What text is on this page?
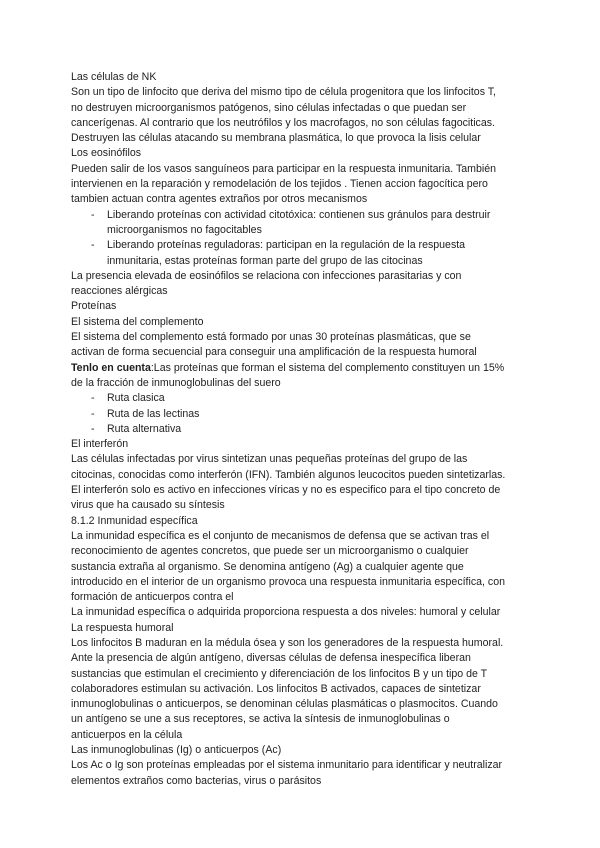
Las células de NK
Son un tipo de linfocito que deriva del mismo tipo de célula progenitora que los linfocitos T,
no destruyen microorganismos patógenos, sino células infectadas o que puedan ser
cancerígenas. Al contrario que los neutrófilos y los macrofagos, no son células fagociticas.
Destruyen las células atacando su membrana plasmática, lo que provoca la lisis celular
Los eosinófilos
Pueden salir de los vasos sanguíneos para participar en la respuesta inmunitaria. También
intervienen en la reparación y remodelación de los tejidos . Tienen accion fagocítica pero
tambien actuan contra agentes extraños por otros mecanismos
- Liberando proteínas con actividad citotóxica: contienen sus gránulos para destruir
microorganismos no fagocitables
- Liberando proteínas reguladoras: participan en la regulación de la respuesta
inmunitaria, estas proteínas forman parte del grupo de las citocinas
La presencia elevada de eosinófilos se relaciona con infecciones parasitarias y con
reacciones alérgicas
Proteínas
El sistema del complemento
El sistema del complemento está formado por unas 30 proteínas plasmáticas, que se
activan de forma secuencial para conseguir una amplificación de la respuesta humoral
Tenlo en cuenta:Las proteínas que forman el sistema del complemento constituyen un 15%
de la fracción de inmunoglobulinas del suero
- Ruta clasica
- Ruta de las lectinas
- Ruta alternativa
El interferón
Las células infectadas por virus sintetizan unas pequeñas proteínas del grupo de las
citocinas, conocidas como interferón (IFN). También algunos leucocitos pueden sintetizarlas.
El interferón solo es activo en infecciones víricas y no es especifico para el tipo concreto de
virus que ha causado su síntesis
8.1.2 Inmunidad específica
La inmunidad específica es el conjunto de mecanismos de defensa que se activan tras el
reconocimiento de agentes concretos, que puede ser un microorganismo o cualquier
sustancia extraña al organismo. Se denomina antígeno (Ag) a cualquier agente que
introducido en el interior de un organismo provoca una respuesta inmunitaria específica, con
formación de anticuerpos contra el
La inmunidad específica o adquirida proporciona respuesta a dos niveles: humoral y celular
La respuesta humoral
Los linfocitos B maduran en la médula ósea y son los generadores de la respuesta humoral.
Ante la presencia de algún antígeno, diversas células de defensa inespecífica liberan
sustancias que estimulan el crecimiento y diferenciación de los linfocitos B y un tipo de T
colaboradores estimulan su activación. Los linfocitos B activados, capaces de sintetizar
inmunoglobulinas o anticuerpos, se denominan células plasmáticas o plasmocitos. Cuando
un antígeno se une a sus receptores, se activa la síntesis de inmunoglobulinas o
anticuerpos en la célula
Las inmunoglobulinas (Ig) o anticuerpos (Ac)
Los Ac o Ig son proteínas empleadas por el sistema inmunitario para identificar y neutralizar
elementos extraños como bacterias, virus o parásitos
